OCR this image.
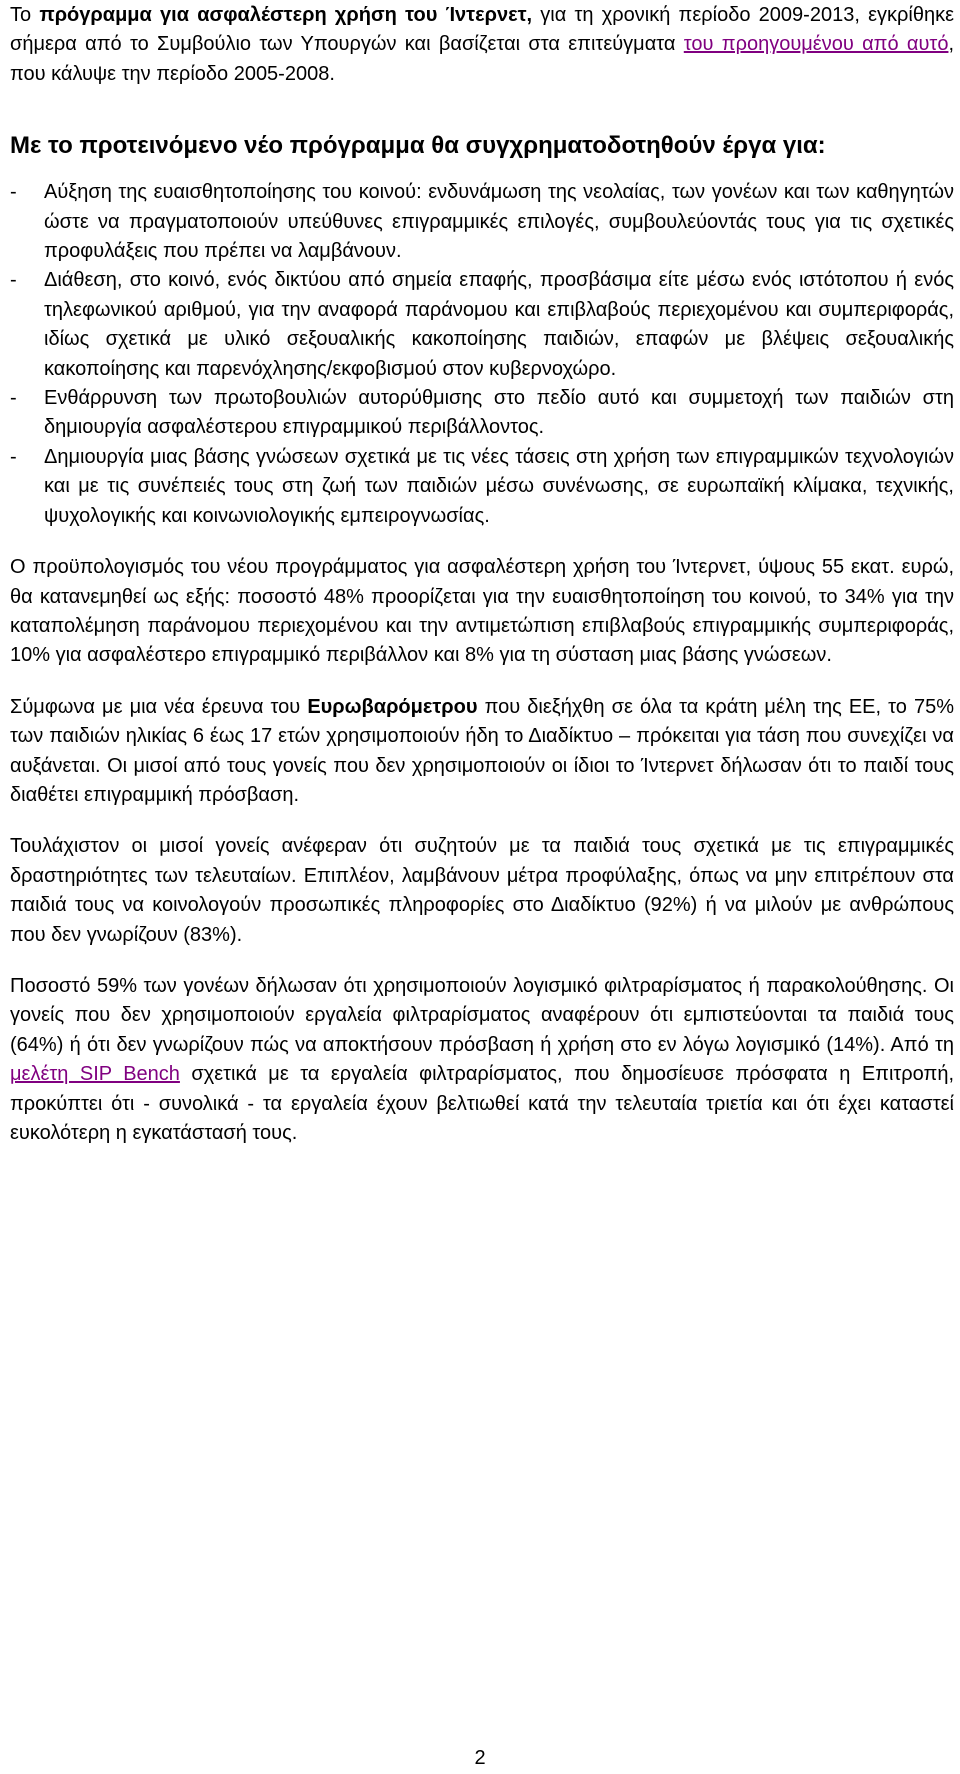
Το πρόγραμμα για ασφαλέστερη χρήση του Ίντερνετ, για τη χρονική περίοδο 2009-2013, εγκρίθηκε σήμερα από το Συμβούλιο των Υπουργών και βασίζεται στα επιτεύγματα του προηγουμένου από αυτό, που κάλυψε την περίοδο 2005-2008.

Με το προτεινόμενο νέο πρόγραμμα θα συγχρηματοδοτηθούν έργα για:
- Αύξηση της ευαισθητοποίησης του κοινού: ενδυνάμωση της νεολαίας, των γονέων και των καθηγητών ώστε να πραγματοποιούν υπεύθυνες επιγραμμικές επιλογές, συμβουλεύοντάς τους για τις σχετικές προφυλάξεις που πρέπει να λαμβάνουν.
- Διάθεση, στο κοινό, ενός δικτύου από σημεία επαφής, προσβάσιμα είτε μέσω ενός ιστότοπου ή ενός τηλεφωνικού αριθμού, για την αναφορά παράνομου και επιβλαβούς περιεχομένου και συμπεριφοράς, ιδίως σχετικά με υλικό σεξουαλικής κακοποίησης παιδιών, επαφών με βλέψεις σεξουαλικής κακοποίησης και παρενόχλησης/εκφοβισμού στον κυβερνοχώρο.
- Ενθάρρυνση των πρωτοβουλιών αυτορύθμισης στο πεδίο αυτό και συμμετοχή των παιδιών στη δημιουργία ασφαλέστερου επιγραμμικού περιβάλλοντος.
- Δημιουργία μιας βάσης γνώσεων σχετικά με τις νέες τάσεις στη χρήση των επιγραμμικών τεχνολογιών και με τις συνέπειές τους στη ζωή των παιδιών μέσω συνένωσης, σε ευρωπαϊκή κλίμακα, τεχνικής, ψυχολογικής και κοινωνιολογικής εμπειρογνωσίας.

Ο προϋπολογισμός του νέου προγράμματος για ασφαλέστερη χρήση του Ίντερνετ, ύψους 55 εκατ. ευρώ, θα κατανεμηθεί ως εξής: ποσοστό 48% προορίζεται για την ευαισθητοποίηση του κοινού, το 34% για την καταπολέμηση παράνομου περιεχομένου και την αντιμετώπιση επιβλαβούς επιγραμμικής συμπεριφοράς, 10% για ασφαλέστερο επιγραμμικό περιβάλλον και 8% για τη σύσταση μιας βάσης γνώσεων.

Σύμφωνα με μια νέα έρευνα του Ευρωβαρόμετρου που διεξήχθη σε όλα τα κράτη μέλη της ΕΕ, το 75% των παιδιών ηλικίας 6 έως 17 ετών χρησιμοποιούν ήδη το Διαδίκτυο – πρόκειται για τάση που συνεχίζει να αυξάνεται. Οι μισοί από τους γονείς που δεν χρησιμοποιούν οι ίδιοι το Ίντερνετ δήλωσαν ότι το παιδί τους διαθέτει επιγραμμική πρόσβαση.

Τουλάχιστον οι μισοί γονείς ανέφεραν ότι συζητούν με τα παιδιά τους σχετικά με τις επιγραμμικές δραστηριότητες των τελευταίων. Επιπλέον, λαμβάνουν μέτρα προφύλαξης, όπως να μην επιτρέπουν στα παιδιά τους να κοινολογούν προσωπικές πληροφορίες στο Διαδίκτυο (92%) ή να μιλούν με ανθρώπους που δεν γνωρίζουν (83%).

Ποσοστό 59% των γονέων δήλωσαν ότι χρησιμοποιούν λογισμικό φιλτραρίσματος ή παρακολούθησης. Οι γονείς που δεν χρησιμοποιούν εργαλεία φιλτραρίσματος αναφέρουν ότι εμπιστεύονται τα παιδιά τους (64%) ή ότι δεν γνωρίζουν πώς να αποκτήσουν πρόσβαση ή χρήση στο εν λόγω λογισμικό (14%). Από τη μελέτη SIP Bench σχετικά με τα εργαλεία φιλτραρίσματος, που δημοσίευσε πρόσφατα η Επιτροπή, προκύπτει ότι - συνολικά - τα εργαλεία έχουν βελτιωθεί κατά την τελευταία τριετία και ότι έχει καταστεί ευκολότερη η εγκατάστασή τους.

2
